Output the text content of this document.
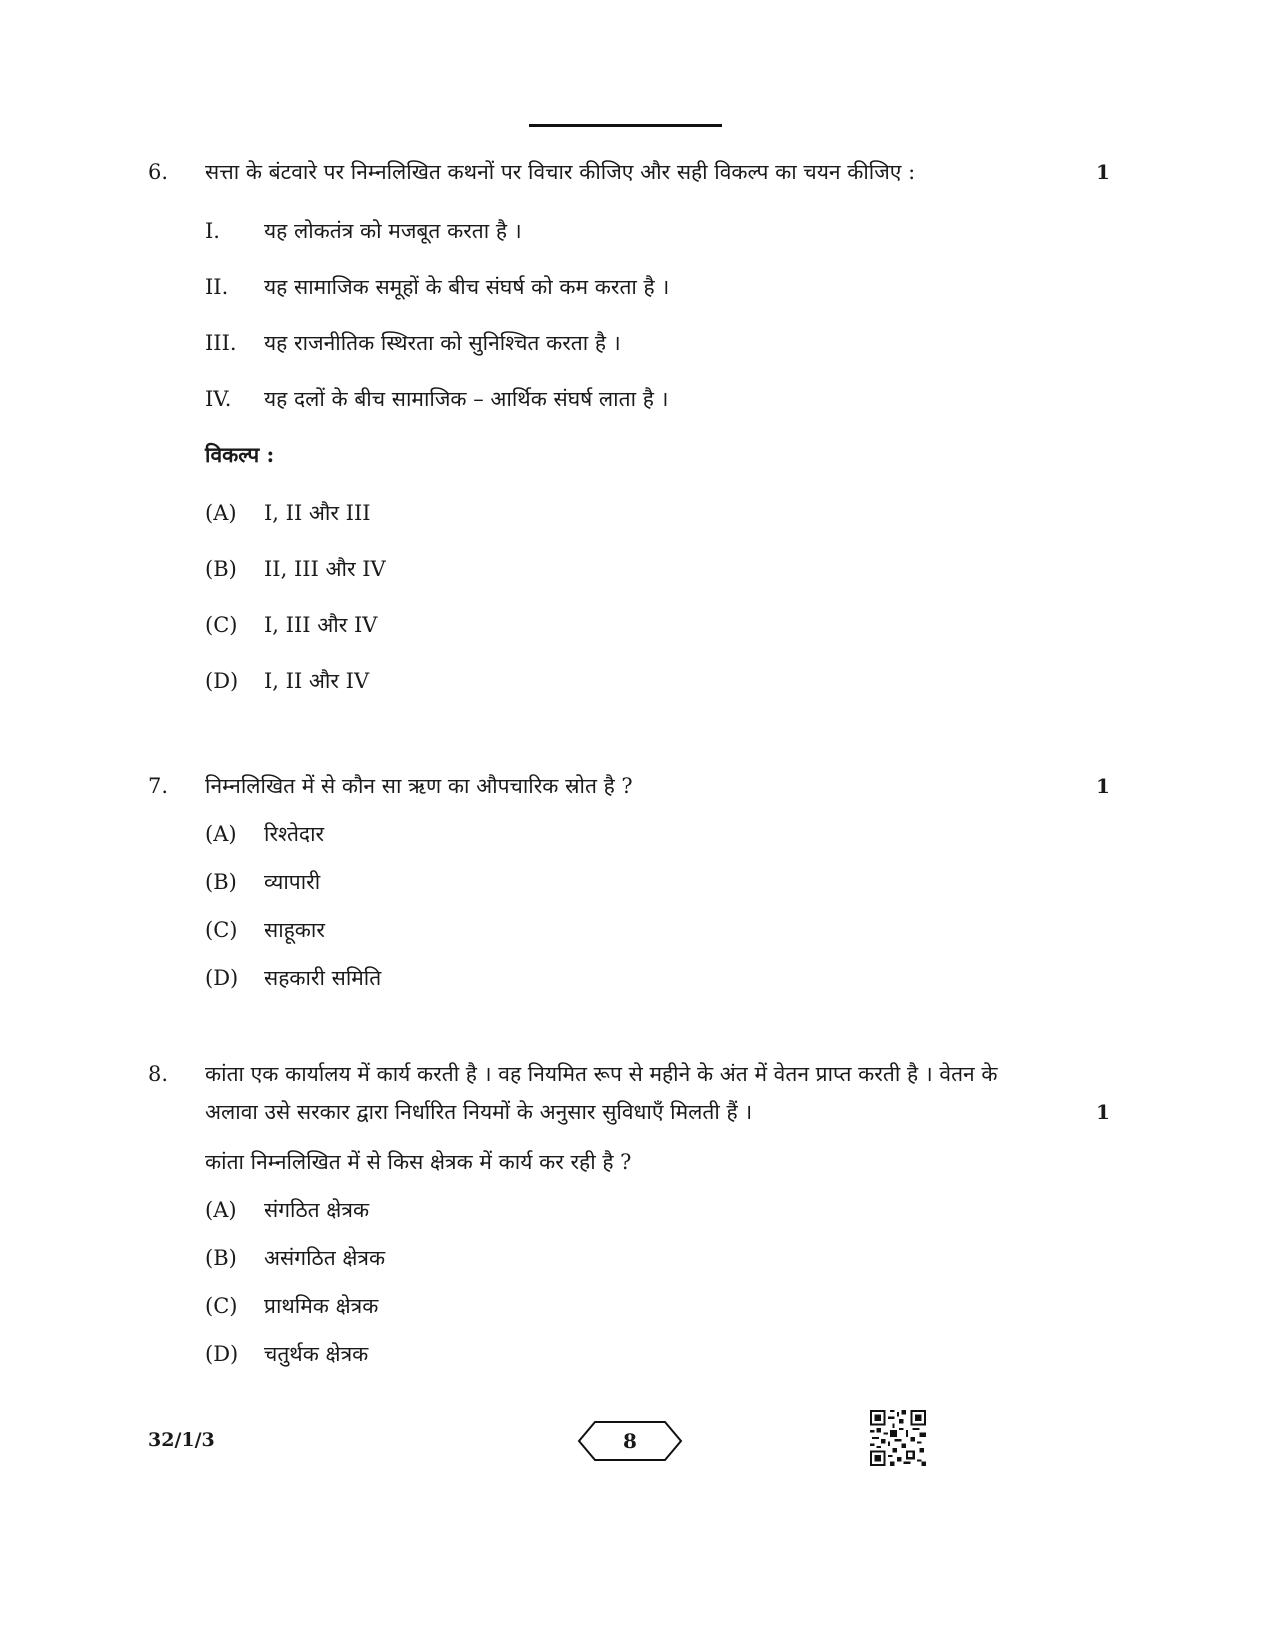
6. सत्ता के बंटवारे पर निम्नलिखित कथनों पर विचार कीजिए और सही विकल्प का चयन कीजिए :	1
I. यह लोकतंत्र को मजबूत करता है ।
II. यह सामाजिक समूहों के बीच संघर्ष को कम करता है ।
III. यह राजनीतिक स्थिरता को सुनिश्चित करता है ।
IV. यह दलों के बीच सामाजिक – आर्थिक संघर्ष लाता है ।
विकल्प :
(A) I, II और III
(B) II, III और IV
(C) I, III और IV
(D) I, II और IV
7. निम्नलिखित में से कौन सा ऋण का औपचारिक स्रोत है ?	1
(A) रिश्तेदार
(B) व्यापारी
(C) साहूकार
(D) सहकारी समिति
8. कांता एक कार्यालय में कार्य करती है । वह नियमित रूप से महीने के अंत में वेतन प्राप्त करती है । वेतन के
अलावा उसे सरकार द्वारा निर्धारित नियमों के अनुसार सुविधाएँ मिलती हैं ।	1
कांता निम्नलिखित में से किस क्षेत्रक में कार्य कर रही है ?
(A) संगठित क्षेत्रक
(B) असंगठित क्षेत्रक
(C) प्राथमिक क्षेत्रक
(D) चतुर्थक क्षेत्रक
32/1/3	8
